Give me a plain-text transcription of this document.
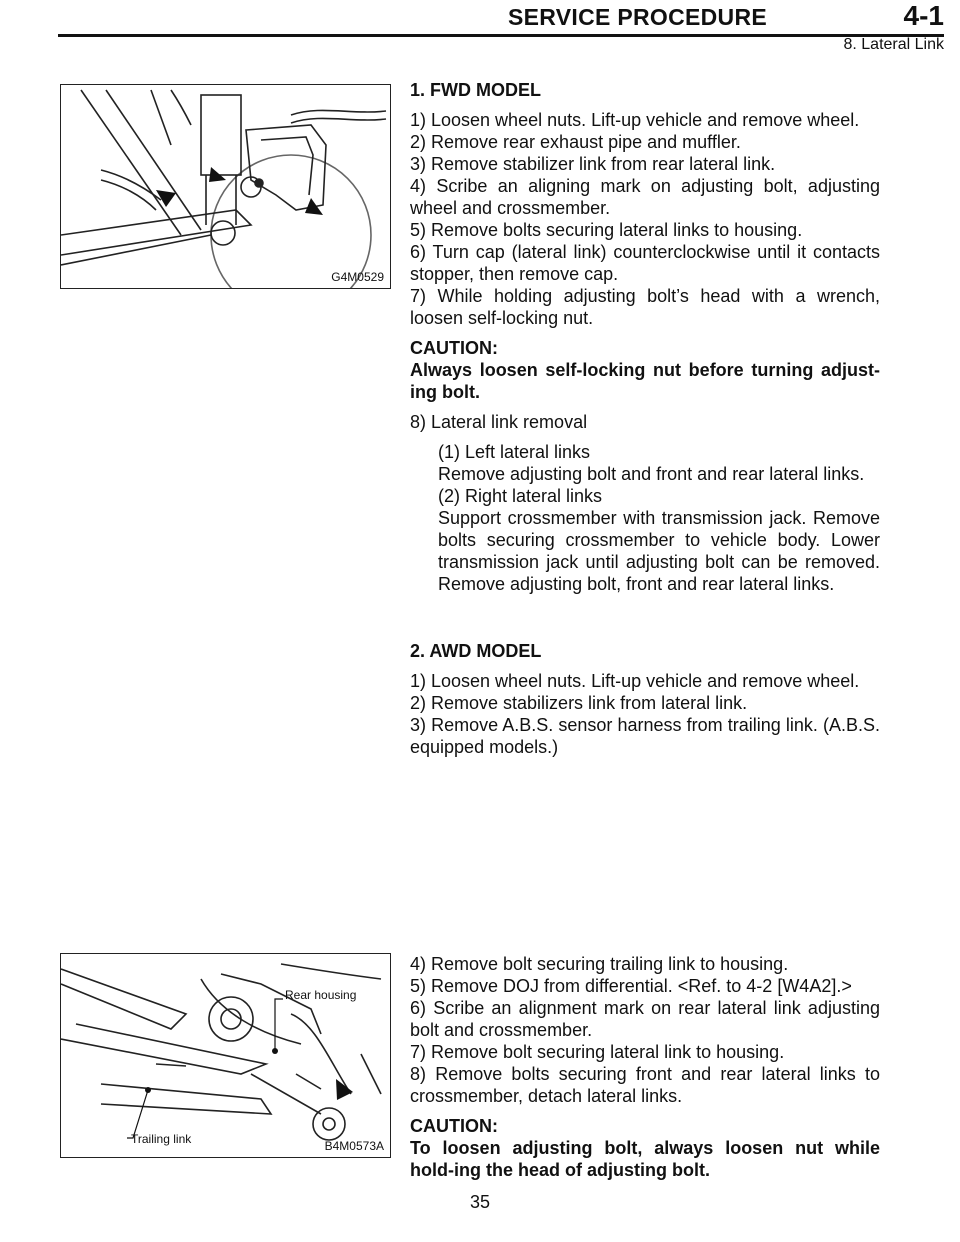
SERVICE PROCEDURE	4-1
8. Lateral Link
G4M0529
Rear housing
Trailing link	B4M0573A

1. FWD MODEL

1) Loosen wheel nuts. Lift-up vehicle and remove wheel.

2) Remove rear exhaust pipe and muffler.

3) Remove stabilizer link from rear lateral link.

4) Scribe an aligning mark on adjusting bolt, adjusting wheel and crossmember.

5) Remove bolts securing lateral links to housing.

6) Turn cap (lateral link) counterclockwise until it contacts stopper, then remove cap.

7) While holding adjusting bolt’s head with a wrench, loosen self-locking nut.

CAUTION:

Always loosen self-locking nut before turning adjust-ing bolt.

8) Lateral link removal

(1) Left lateral links

Remove adjusting bolt and front and rear lateral links.

(2) Right lateral links

Support crossmember with transmission jack. Remove bolts securing crossmember to vehicle body. Lower transmission jack until adjusting bolt can be removed. Remove adjusting bolt, front and rear lateral links.

2. AWD MODEL

1) Loosen wheel nuts. Lift-up vehicle and remove wheel.

2) Remove stabilizers link from lateral link.

3) Remove A.B.S. sensor harness from trailing link. (A.B.S. equipped models.)

4) Remove bolt securing trailing link to housing.

5) Remove DOJ from differential. <Ref. to 4-2 [W4A2].>

6) Scribe an alignment mark on rear lateral link adjusting bolt and crossmember.

7) Remove bolt securing lateral link to housing.

8) Remove bolts securing front and rear lateral links to crossmember, detach lateral links.

CAUTION:

To loosen adjusting bolt, always loosen nut while hold-ing the head of adjusting bolt.

35
